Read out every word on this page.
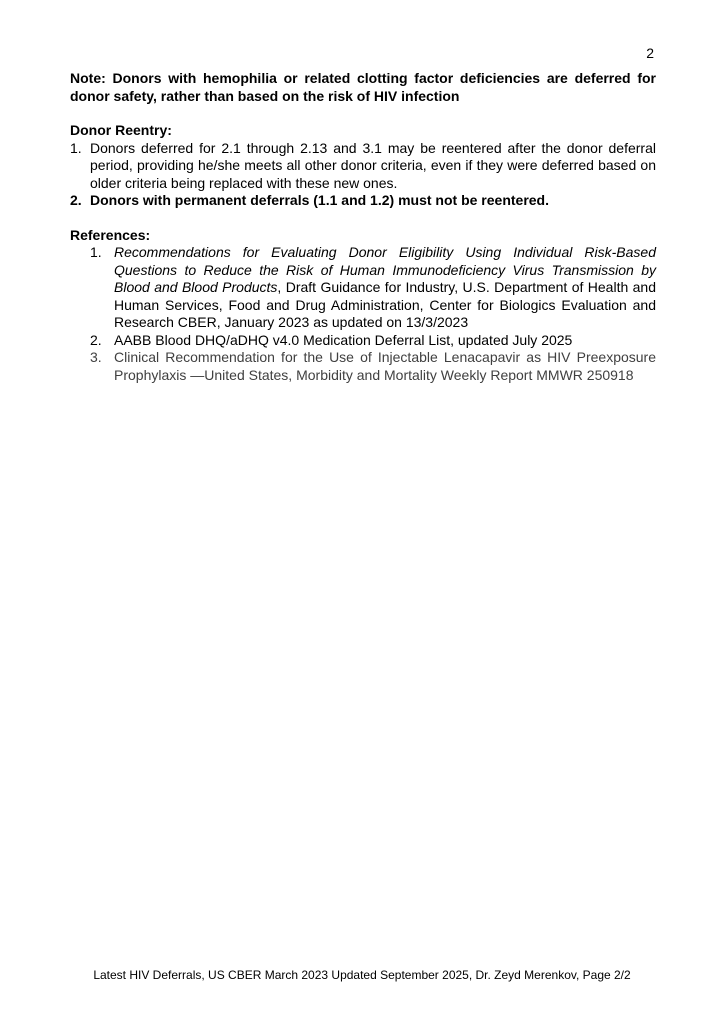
2

Note: Donors with hemophilia or related clotting factor deficiencies are deferred for donor safety, rather than based on the risk of HIV infection

Donor Reentry:
1. Donors deferred for 2.1 through 2.13 and 3.1 may be reentered after the donor deferral period, providing he/she meets all other donor criteria, even if they were deferred based on older criteria being replaced with these new ones.
2. Donors with permanent deferrals (1.1 and 1.2) must not be reentered.
References:
1. Recommendations for Evaluating Donor Eligibility Using Individual Risk-Based Questions to Reduce the Risk of Human Immunodeficiency Virus Transmission by Blood and Blood Products, Draft Guidance for Industry, U.S. Department of Health and Human Services, Food and Drug Administration, Center for Biologics Evaluation and Research CBER, January 2023 as updated on 13/3/2023
2. AABB Blood DHQ/aDHQ v4.0 Medication Deferral List, updated July 2025
3. Clinical Recommendation for the Use of Injectable Lenacapavir as HIV Preexposure Prophylaxis —United States, Morbidity and Mortality Weekly Report MMWR 250918
Latest HIV Deferrals, US CBER March 2023 Updated September 2025, Dr. Zeyd Merenkov, Page 2/2
